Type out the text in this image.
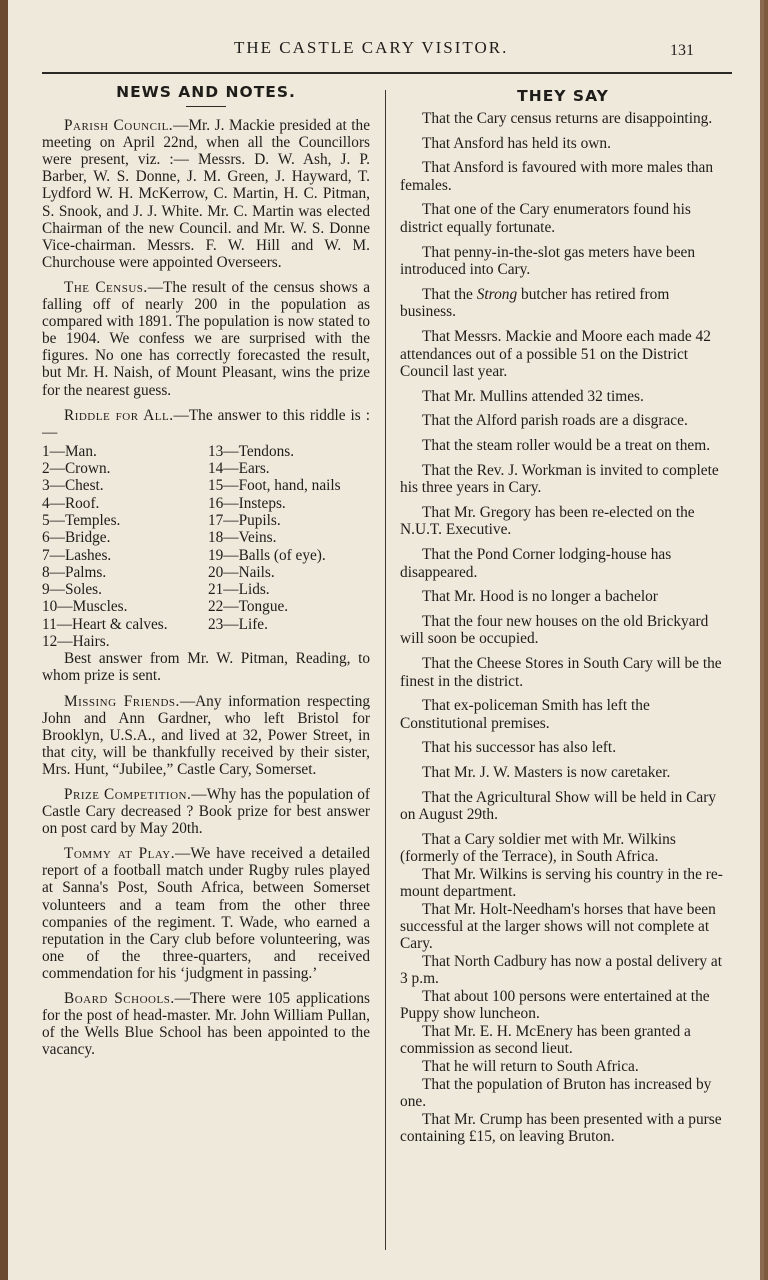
THE CASTLE CARY VISITOR.	131
NEWS AND NOTES.

Parish Council.—Mr. J. Mackie presided at the meeting on April 22nd, when all the Councillors were present, viz. :— Messrs. D. W. Ash, J. P. Barber, W. S. Donne, J. M. Green, J. Hayward, T. Lydford W. H. McKerrow, C. Martin, H. C. Pitman, S. Snook, and J. J. White. Mr. C. Martin was elected Chairman of the new Council. and Mr. W. S. Donne Vice-chairman. Messrs. F. W. Hill and W. M. Churchouse were appointed Overseers.

The Census.—The result of the census shows a falling off of nearly 200 in the population as compared with 1891. The population is now stated to be 1904. We confess we are surprised with the figures. No one has correctly forecasted the result, but Mr. H. Naish, of Mount Pleasant, wins the prize for the nearest guess.

Riddle for All.—The answer to this riddle is :—

1—Man.
2—Crown.
3—Chest.
4—Roof.
5—Temples.
6—Bridge.
7—Lashes.
8—Palms.
9—Soles.
10—Muscles.
11—Heart & calves.
12—Hairs.
13—Tendons.
14—Ears.
15—Foot, hand, nails
16—Insteps.
17—Pupils.
18—Veins.
19—Balls (of eye).
20—Nails.
21—Lids.
22—Tongue.
23—Life.

Best answer from Mr. W. Pitman, Reading, to whom prize is sent.

Missing Friends.—Any information respecting John and Ann Gardner, who left Bristol for Brooklyn, U.S.A., and lived at 32, Power Street, in that city, will be thankfully received by their sister, Mrs. Hunt, “Jubilee,” Castle Cary, Somerset.

Prize Competition.—Why has the population of Castle Cary decreased ? Book prize for best answer on post card by May 20th.

Tommy at Play.—We have received a detailed report of a football match under Rugby rules played at Sanna's Post, South Africa, between Somerset volunteers and a team from the other three companies of the regiment. T. Wade, who earned a reputation in the Cary club before volunteering, was one of the three-quarters, and received commendation for his ‘judgment in passing.’

Board Schools.—There were 105 applications for the post of head-master. Mr. John William Pullan, of the Wells Blue School has been appointed to the vacancy.

THEY SAY

That the Cary census returns are disappointing.

That Ansford has held its own.

That Ansford is favoured with more males than females.

That one of the Cary enumerators found his district equally fortunate.

That penny-in-the-slot gas meters have been introduced into Cary.

That the Strong butcher has retired from business.

That Messrs. Mackie and Moore each made 42 attendances out of a possible 51 on the District Council last year.

That Mr. Mullins attended 32 times.

That the Alford parish roads are a disgrace.

That the steam roller would be a treat on them.

That the Rev. J. Workman is invited to complete his three years in Cary.

That Mr. Gregory has been re-elected on the N.U.T. Executive.

That the Pond Corner lodging-house has disappeared.

That Mr. Hood is no longer a bachelor

That the four new houses on the old Brickyard will soon be occupied.

That the Cheese Stores in South Cary will be the finest in the district.

That ex-policeman Smith has left the Constitutional premises.

That his successor has also left.

That Mr. J. W. Masters is now caretaker.

That the Agricultural Show will be held in Cary on August 29th.

That a Cary soldier met with Mr. Wilkins (formerly of the Terrace), in South Africa.

That Mr. Wilkins is serving his country in the re-mount department.

That Mr. Holt-Needham's horses that have been successful at the larger shows will not complete at Cary.

That North Cadbury has now a postal delivery at 3 p.m.

That about 100 persons were entertained at the Puppy show luncheon.

That Mr. E. H. McEnery has been granted a commission as second lieut.

That he will return to South Africa.

That the population of Bruton has increased by one.

That Mr. Crump has been presented with a purse containing £15, on leaving Bruton.
